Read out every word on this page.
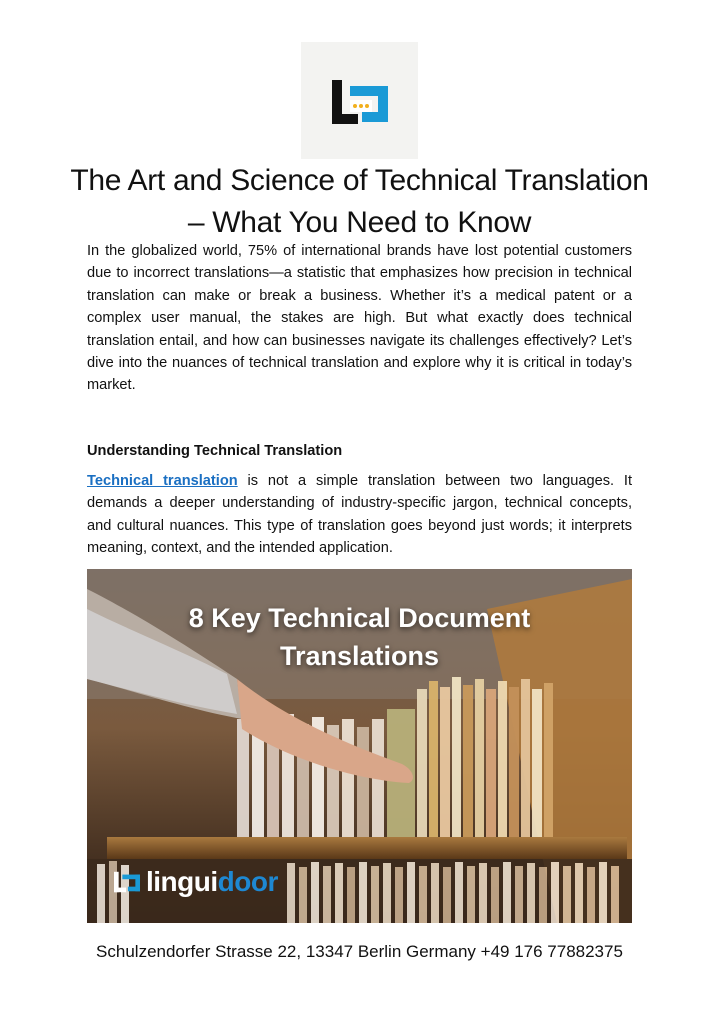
The Art and Science of Technical Translation – What You Need to Know

In the globalized world, 75% of international brands have lost potential customers due to incorrect translations—a statistic that emphasizes how precision in technical translation can make or break a business. Whether it’s a medical patent or a complex user manual, the stakes are high. But what exactly does technical translation entail, and how can businesses navigate its challenges effectively? Let’s dive into the nuances of technical translation and explore why it is critical in today’s market.

Understanding Technical Translation

Technical translation is not a simple translation between two languages. It demands a deeper understanding of industry-specific jargon, technical concepts, and cultural nuances. This type of translation goes beyond just words; it interprets meaning, context, and the intended application.

8 Key Technical Document
Translations
linguidoor
Schulzendorfer Strasse 22, 13347 Berlin Germany +49 176 77882375
